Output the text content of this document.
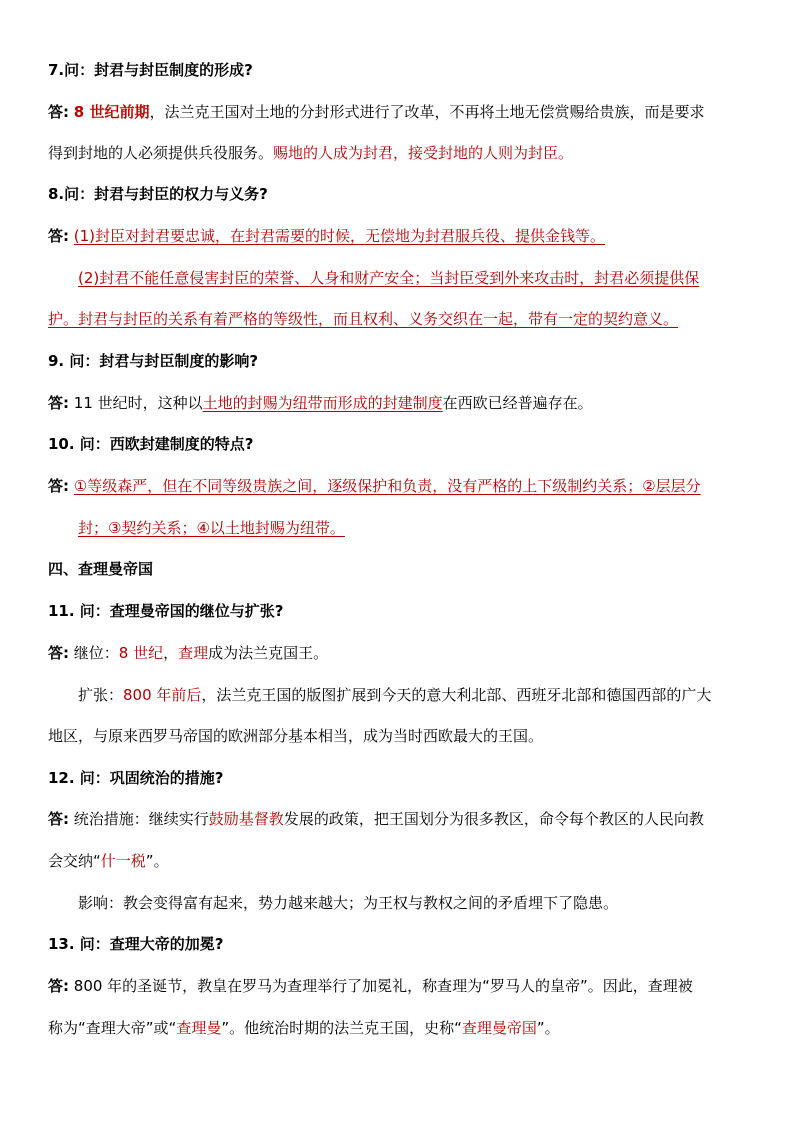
7.问：封君与封臣制度的形成?
答: 8 世纪前期，法兰克王国对土地的分封形式进行了改革，不再将土地无偿赏赐给贵族，而是要求
得到封地的人必须提供兵役服务。赐地的人成为封君，接受封地的人则为封臣。
8.问：封君与封臣的权力与义务?
答: (1)封臣对封君要忠诚，在封君需要的时候，无偿地为封君服兵役、提供金钱等。
(2)封君不能任意侵害封臣的荣誉、人身和财产安全；当封臣受到外来攻击时，封君必须提供保
护。封君与封臣的关系有着严格的等级性，而且权利、义务交织在一起，带有一定的契约意义。
9. 问：封君与封臣制度的影响?
答: 11 世纪时，这种以土地的封赐为纽带而形成的封建制度在西欧已经普遍存在。
10. 问：西欧封建制度的特点?
答: ①等级森严，但在不同等级贵族之间，逐级保护和负责，没有严格的上下级制约关系；②层层分
封；③契约关系；④以土地封赐为纽带。
四、查理曼帝国
11. 问：查理曼帝国的继位与扩张?
答: 继位：8 世纪，查理成为法兰克国王。
扩张：800 年前后，法兰克王国的版图扩展到今天的意大利北部、西班牙北部和德国西部的广大
地区，与原来西罗马帝国的欧洲部分基本相当，成为当时西欧最大的王国。
12. 问：巩固统治的措施?
答: 统治措施：继续实行鼓励基督教发展的政策，把王国划分为很多教区，命令每个教区的人民向教
会交纳“什一税”。
影响：教会变得富有起来，势力越来越大；为王权与教权之间的矛盾埋下了隐患。
13. 问：查理大帝的加冕?
答: 800 年的圣诞节，教皇在罗马为查理举行了加冕礼，称查理为“罗马人的皇帝”。因此，查理被
称为“查理大帝”或“查理曼”。他统治时期的法兰克王国，史称“查理曼帝国”。
